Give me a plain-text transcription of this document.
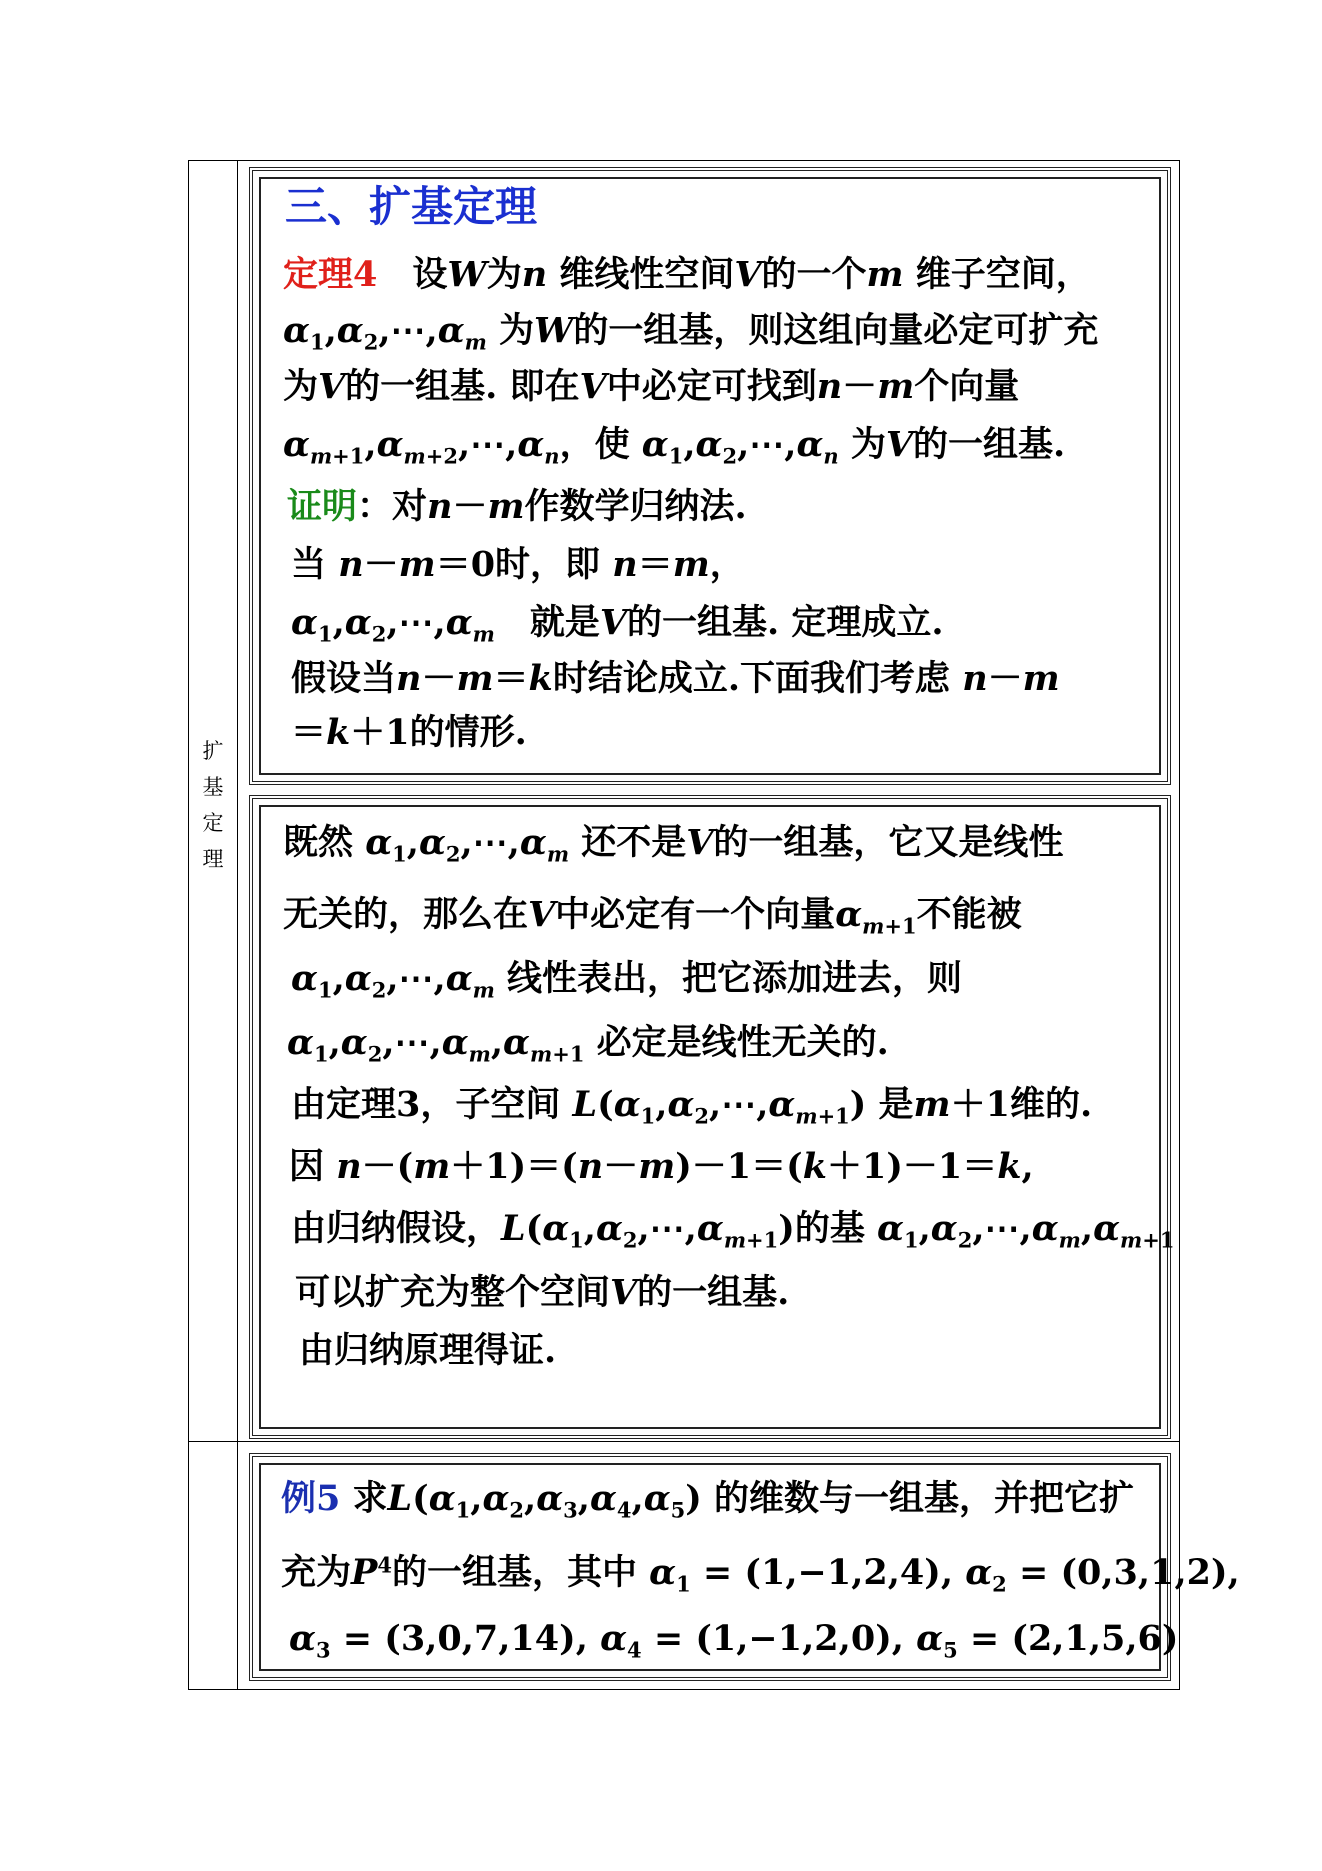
扩
基
定
理
三、扩基定理
定理4　设W为n 维线性空间V的一个m 维子空间，
$\alpha_1,\alpha_2,\cdots,\alpha_m$ 为W的一组基，则这组向量必定可扩充
为V的一组基. 即在V中必定可找到n－m个向量
$\alpha_{m+1},\alpha_{m+2},\cdots,\alpha_n$，使 $\alpha_1,\alpha_2,\cdots,\alpha_n$ 为V的一组基.
证明：对n－m作数学归纳法.
当 n－m＝0时，即 n＝m，
$\alpha_1,\alpha_2,\cdots,\alpha_m$　就是V的一组基. 定理成立.
假设当n－m＝k时结论成立.下面我们考虑 n－m
＝k＋1的情形.
既然 $\alpha_1,\alpha_2,\cdots,\alpha_m$ 还不是V的一组基，它又是线性
无关的，那么在V中必定有一个向量$\alpha_{m+1}$不能被
$\alpha_1,\alpha_2,\cdots,\alpha_m$ 线性表出，把它添加进去，则
$\alpha_1,\alpha_2,\cdots,\alpha_m,\alpha_{m+1}$ 必定是线性无关的.
由定理3，子空间 $L(\alpha_1,\alpha_2,\cdots,\alpha_{m+1})$ 是m＋1维的.
因 n－(m＋1)＝(n－m)－1＝(k＋1)－1＝k,
由归纳假设，$L(\alpha_1,\alpha_2,\cdots,\alpha_{m+1})$的基 $\alpha_1,\alpha_2,\cdots,\alpha_m,\alpha_{m+1}$
可以扩充为整个空间V的一组基.
由归纳原理得证.
例5 求$L(\alpha_1,\alpha_2,\alpha_3,\alpha_4,\alpha_5)$ 的维数与一组基，并把它扩
充为$P^4$的一组基，其中 $\alpha_1 = (1,-1,2,4)$, $\alpha_2 = (0,3,1,2)$,
$\alpha_3 = (3,0,7,14)$, $\alpha_4 = (1,-1,2,0)$, $\alpha_5 = (2,1,5,6)$
